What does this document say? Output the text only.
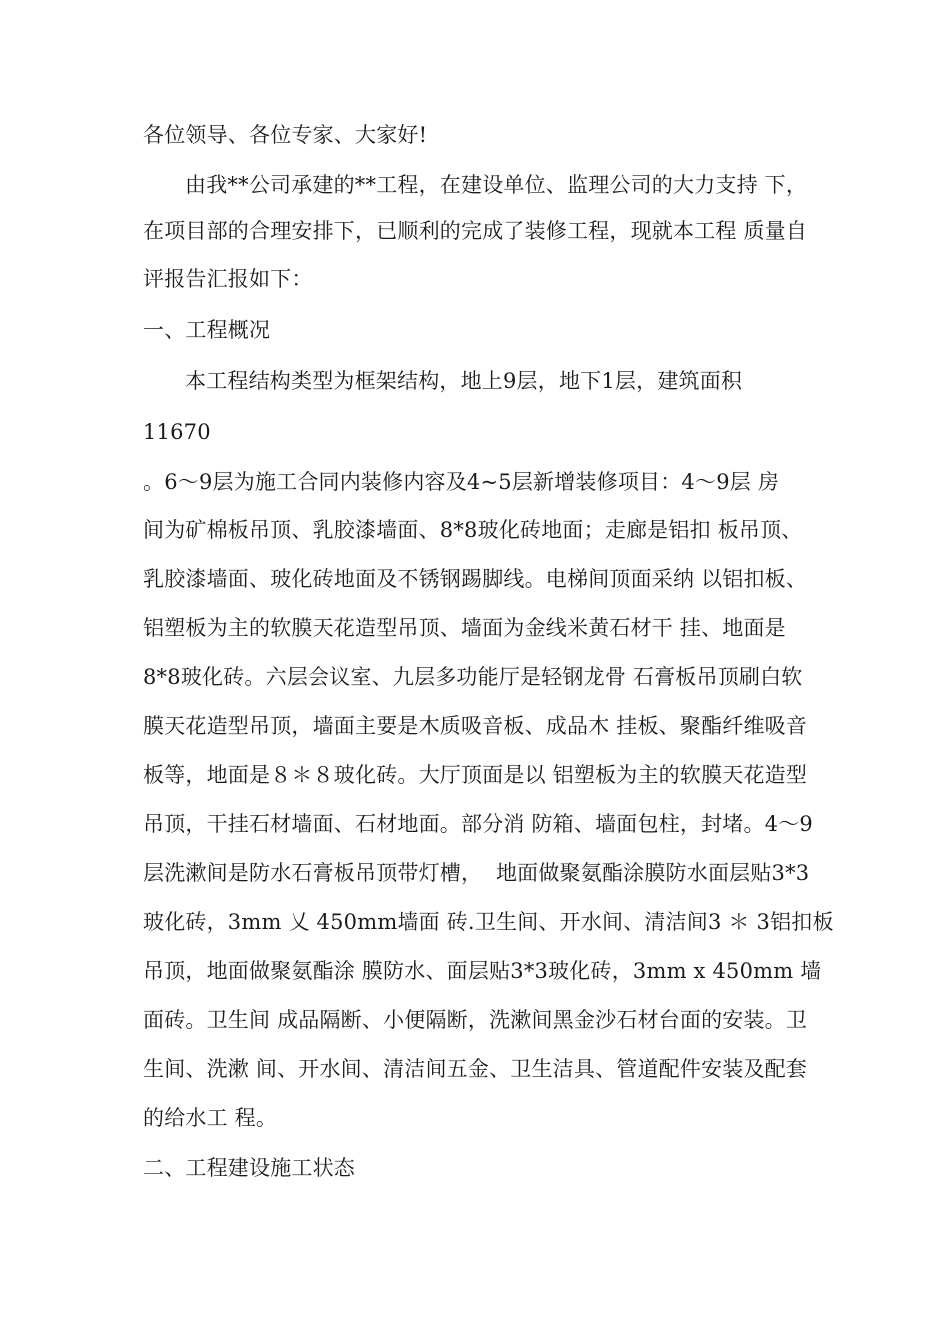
各位领导、各位专家、大家好!
由我**公司承建的**工程，在建设单位、监理公司的大力支持 下，
在项目部的合理安排下，已顺利的完成了装修工程，现就本工程 质量自
评报告汇报如下：
一、工程概况
本工程结构类型为框架结构，地上9层，地下1层，建筑面积
11670
。6〜9层为施工合同内装修内容及4~5层新增装修项目：4〜9层 房
间为矿棉板吊顶、乳胶漆墙面、8*8玻化砖地面；走廊是铝扣 板吊顶、
乳胶漆墙面、玻化砖地面及不锈钢踢脚线。电梯间顶面采纳 以铝扣板、
铝塑板为主的软膜天花造型吊顶、墙面为金线米黄石材干 挂、地面是
8*8玻化砖。六层会议室、九层多功能厅是轻钢龙骨 石膏板吊顶刷白软
膜天花造型吊顶，墙面主要是木质吸音板、成品木 挂板、聚酯纤维吸音
板等，地面是８＊８玻化砖。大厅顶面是以 铝塑板为主的软膜天花造型
吊顶，干挂石材墙面、石材地面。部分消 防箱、墙面包柱，封堵。4〜9
层洗漱间是防水石膏板吊顶带灯槽，  地面做聚氨酯涂膜防水面层贴3*3
玻化砖，3mm 乂 450mm墙面 砖.卫生间、开水间、清洁间3 ＊ 3铝扣板
吊顶，地面做聚氨酯涂 膜防水、面层贴3*3玻化砖，3mm x 450mm 墙
面砖。卫生间 成品隔断、小便隔断，洗漱间黑金沙石材台面的安装。卫
生间、洗漱 间、开水间、清洁间五金、卫生洁具、管道配件安装及配套
的给水工 程。
二、工程建设施工状态
